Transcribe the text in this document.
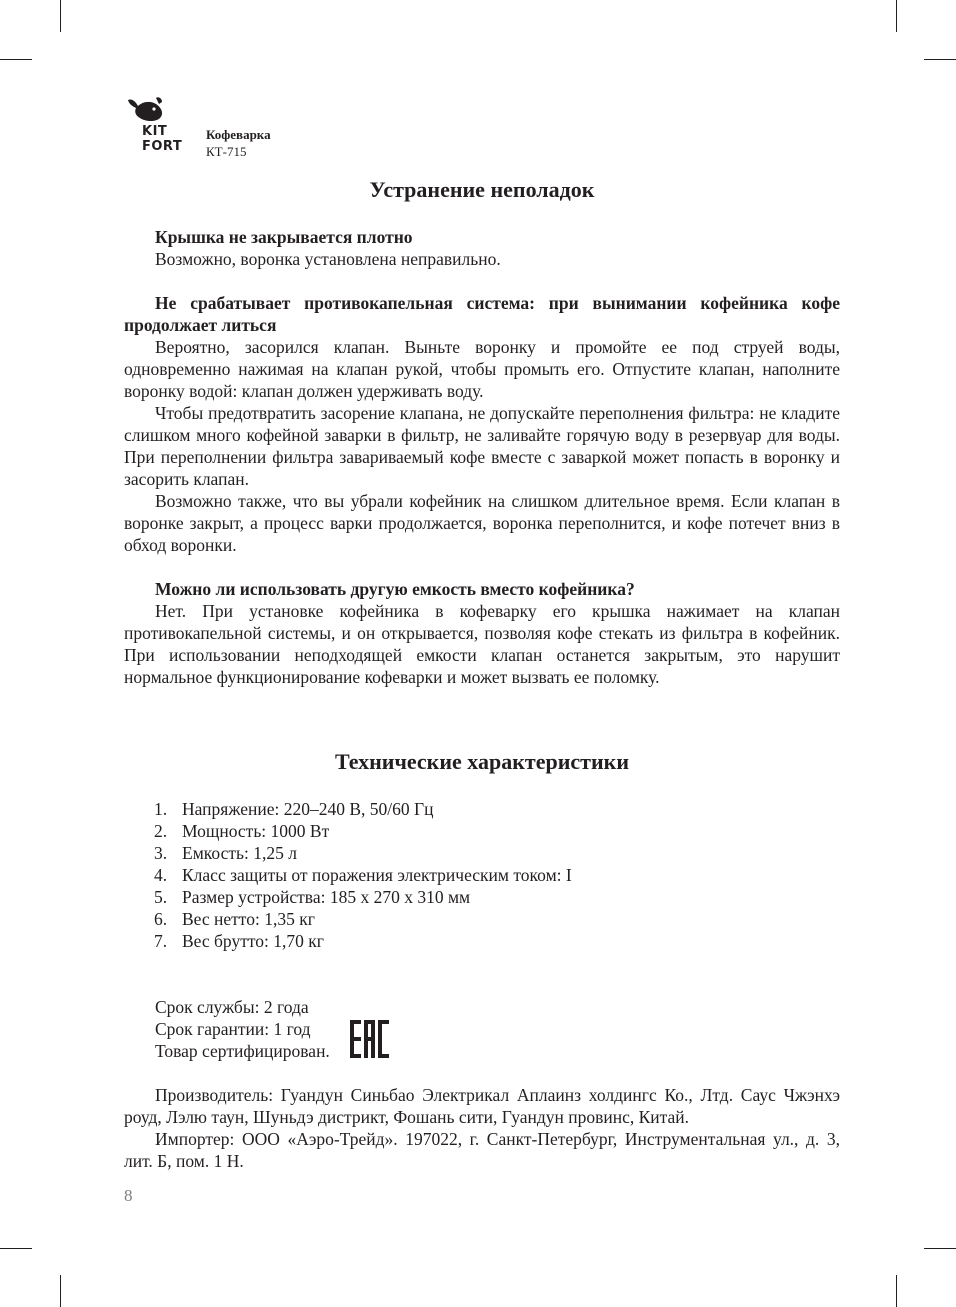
KIT
FORT
Кофеварка
КТ-715
Устранение неполадок

Крышка не закрывается плотно

Возможно, воронка установлена неправильно.

Не срабатывает противокапельная система: при вынимании кофейника кофе продолжает литься

Вероятно, засорился клапан. Выньте воронку и промойте ее под струей воды, одновременно нажимая на клапан рукой, чтобы промыть его. Отпустите клапан, наполните воронку водой: клапан должен удерживать воду.

Чтобы предотвратить засорение клапана, не допускайте переполнения фильтра: не кладите слишком много кофейной заварки в фильтр, не заливайте горячую воду в резервуар для воды. При переполнении фильтра завариваемый кофе вместе с заваркой может попасть в воронку и засорить клапан.

Возможно также, что вы убрали кофейник на слишком длительное время. Если клапан в воронке закрыт, а процесс варки продолжается, воронка переполнится, и кофе потечет вниз в обход воронки.

Можно ли использовать другую емкость вместо кофейника?

Нет. При установке кофейника в кофеварку его крышка нажимает на клапан противокапельной системы, и он открывается, позволяя кофе стекать из фильтра в кофейник. При использовании неподходящей емкости клапан останется закрытым, это нарушит нормальное функционирование кофеварки и может вызвать ее поломку.

Технические характеристики
1. Напряжение: 220–240 В, 50/60 Гц
2. Мощность: 1000 Вт
3. Емкость: 1,25 л
4. Класс защиты от поражения электрическим током: I
5. Размер устройства: 185 x 270 x 310 мм
6. Вес нетто: 1,35 кг
7. Вес брутто: 1,70 кг
Срок службы: 2 года
Срок гарантии: 1 год
Товар сертифицирован.

Производитель: Гуандун Синьбао Электрикал Аплаинз холдингс Ко., Лтд. Саус Чжэнхэ роуд, Лэлю таун, Шуньдэ дистрикт, Фошань сити, Гуандун провинс, Китай.

Импортер: ООО «Аэро-Трейд». 197022, г. Санкт-Петербург, Инструментальная ул., д. 3, лит. Б, пом. 1 Н.

8
